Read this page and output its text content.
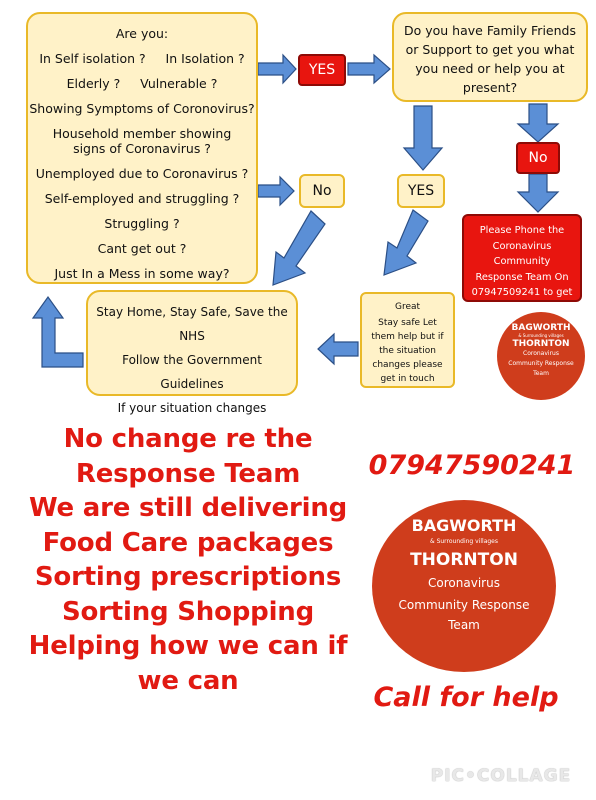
Are you:

In Self isolation ?     In Isolation ?

Elderly ?     Vulnerable ?

Showing Symptoms of Coronovirus?

Household member showing signs of Coronavirus ?

Unemployed due to Coronavirus ?

Self-employed and struggling ?

Struggling ?

Cant get out ?

Just In a Mess in some way?

YES

Do you have Family Friends or Support to get you what you need or help you at present?

No
YES
No

Please Phone the Coronavirus Community Response Team On 07947509241 to get

BAGWORTH
& Surrounding villages
THORNTON
Coronavirus
Community Response
Team

Great

Stay safe Let them help but if the situation changes please get in touch

Stay Home, Stay Safe, Save the NHS

Follow the Government

Guidelines

If your situation changes

No change re the
Response Team
We are still delivering
Food Care packages
Sorting prescriptions
Sorting Shopping
Helping how we can if
we can
07947590241
BAGWORTH
& Surrounding villages
THORNTON
Coronavirus
Community Response
Team
Call for help
PIC•COLLAGE
